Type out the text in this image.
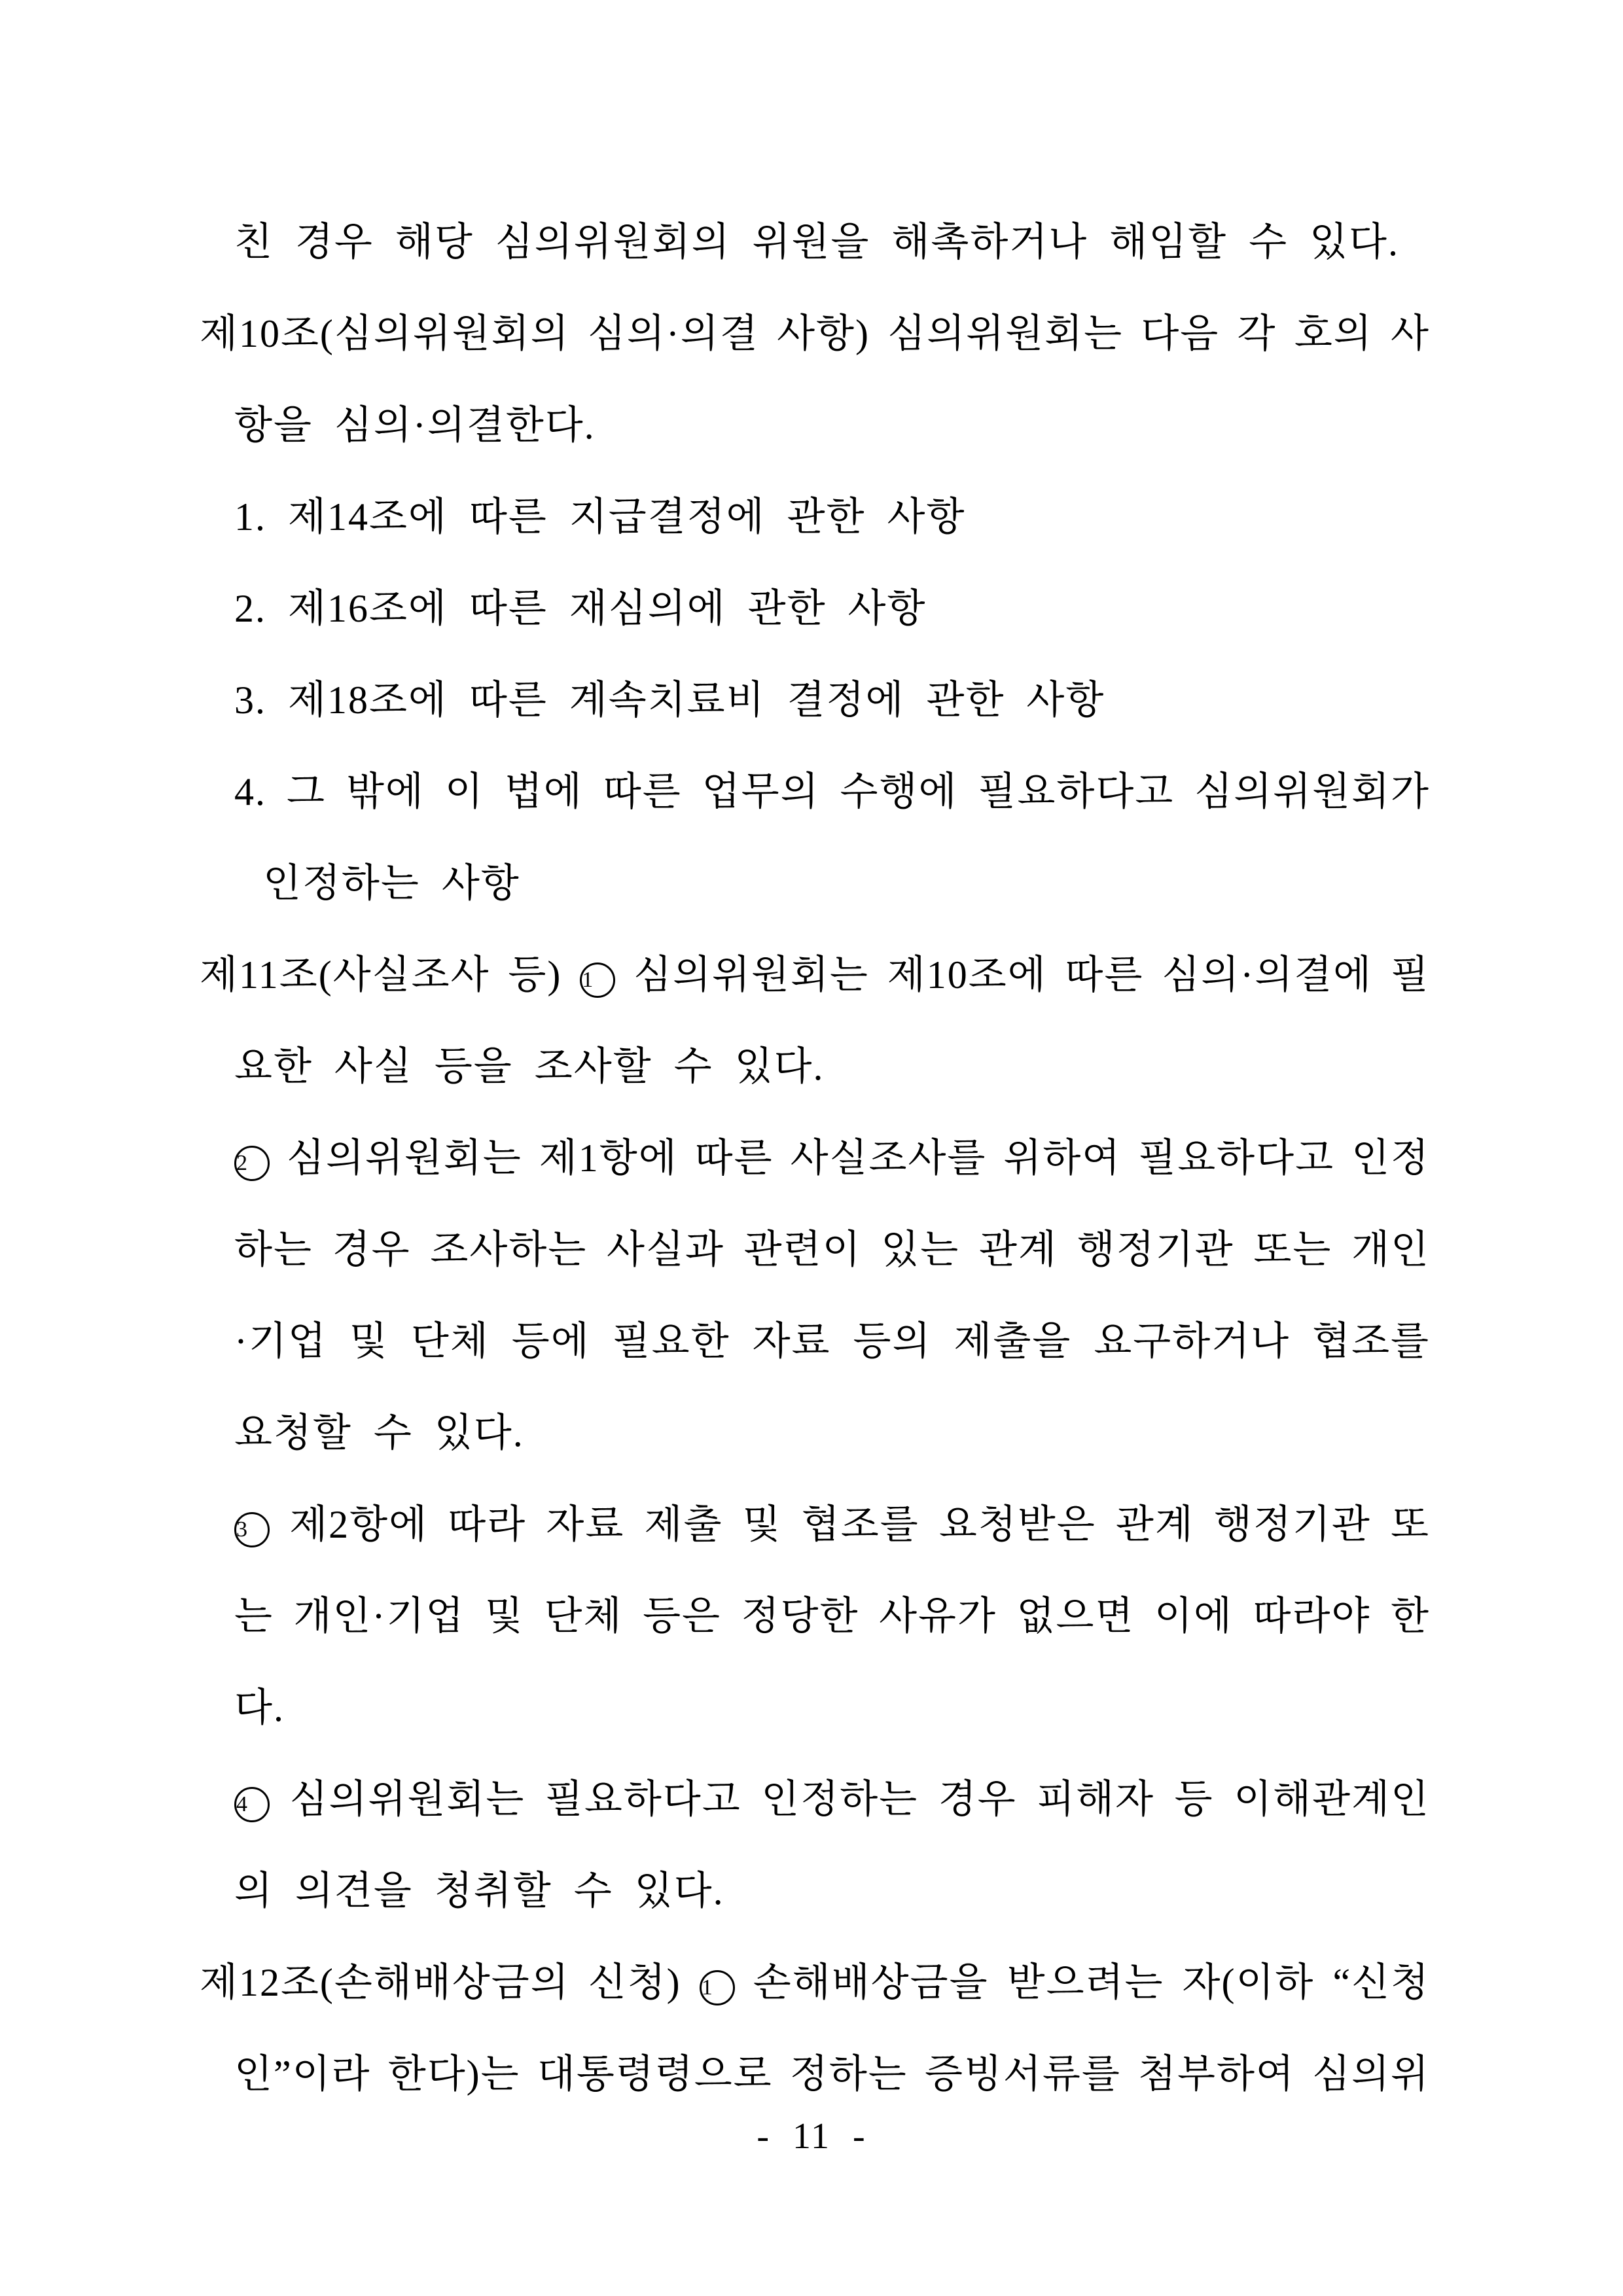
친 경우 해당 심의위원회의 위원을 해촉하거나 해임할 수 있다.
제10조(심의위원회의 심의·의결 사항) 심의위원회는 다음 각 호의 사
항을 심의·의결한다.
1. 제14조에 따른 지급결정에 관한 사항
2. 제16조에 따른 재심의에 관한 사항
3. 제18조에 따른 계속치료비 결정에 관한 사항
4. 그 밖에 이 법에 따른 업무의 수행에 필요하다고 심의위원회가
인정하는 사항
제11조(사실조사 등) 1 심의위원회는 제10조에 따른 심의·의결에 필
요한 사실 등을 조사할 수 있다.
2 심의위원회는 제1항에 따른 사실조사를 위하여 필요하다고 인정
하는 경우 조사하는 사실과 관련이 있는 관계 행정기관 또는 개인
·기업 및 단체 등에 필요한 자료 등의 제출을 요구하거나 협조를
요청할 수 있다.
3 제2항에 따라 자료 제출 및 협조를 요청받은 관계 행정기관 또
는 개인·기업 및 단체 등은 정당한 사유가 없으면 이에 따라야 한
다.
4 심의위원회는 필요하다고 인정하는 경우 피해자 등 이해관계인
의 의견을 청취할 수 있다.
제12조(손해배상금의 신청) 1 손해배상금을 받으려는 자(이하 “신청
인”이라 한다)는 대통령령으로 정하는 증빙서류를 첨부하여 심의위
- 11 -
